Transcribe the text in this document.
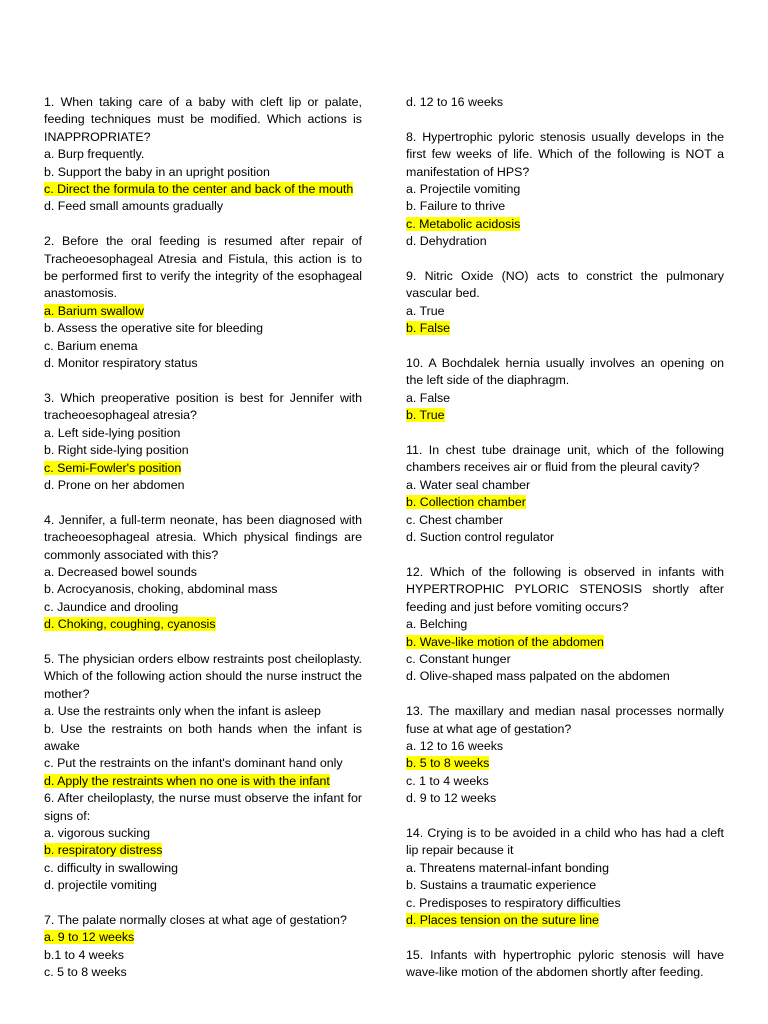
1. When taking care of a baby with cleft lip or palate, feeding techniques must be modified. Which actions is INAPPROPRIATE?
a. Burp frequently.
b. Support the baby in an upright position
c. Direct the formula to the center and back of the mouth
d. Feed small amounts gradually
2. Before the oral feeding is resumed after repair of Tracheoesophageal Atresia and Fistula, this action is to be performed first to verify the integrity of the esophageal anastomosis.
a. Barium swallow
b. Assess the operative site for bleeding
c. Barium enema
d. Monitor respiratory status
3. Which preoperative position is best for Jennifer with tracheoesophageal atresia?
a. Left side-lying position
b. Right side-lying position
c. Semi-Fowler's position
d. Prone on her abdomen
4. Jennifer, a full-term neonate, has been diagnosed with tracheoesophageal atresia. Which physical findings are commonly associated with this?
a. Decreased bowel sounds
b. Acrocyanosis, choking, abdominal mass
c. Jaundice and drooling
d. Choking, coughing, cyanosis
5. The physician orders elbow restraints post cheiloplasty. Which of the following action should the nurse instruct the mother?
a. Use the restraints only when the infant is asleep
b. Use the restraints on both hands when the infant is awake
c. Put the restraints on the infant's dominant hand only
d. Apply the restraints when no one is with the infant
6. After cheiloplasty, the nurse must observe the infant for signs of:
a. vigorous sucking
b. respiratory distress
c. difficulty in swallowing
d. projectile vomiting
7. The palate normally closes at what age of gestation?
a. 9 to 12 weeks
b.1 to 4 weeks
c. 5 to 8 weeks
d. 12 to 16 weeks
8. Hypertrophic pyloric stenosis usually develops in the first few weeks of life. Which of the following is NOT a manifestation of HPS?
a. Projectile vomiting
b. Failure to thrive
c. Metabolic acidosis
d. Dehydration
9. Nitric Oxide (NO) acts to constrict the pulmonary vascular bed.
a. True
b. False
10. A Bochdalek hernia usually involves an opening on the left side of the diaphragm.
a. False
b. True
11. In chest tube drainage unit, which of the following chambers receives air or fluid from the pleural cavity?
a. Water seal chamber
b. Collection chamber
c. Chest chamber
d. Suction control regulator
12. Which of the following is observed in infants with HYPERTROPHIC PYLORIC STENOSIS shortly after feeding and just before vomiting occurs?
a. Belching
b. Wave-like motion of the abdomen
c. Constant hunger
d. Olive-shaped mass palpated on the abdomen
13. The maxillary and median nasal processes normally fuse at what age of gestation?
a. 12 to 16 weeks
b. 5 to 8 weeks
c. 1 to 4 weeks
d. 9 to 12 weeks
14. Crying is to be avoided in a child who has had a cleft lip repair because it
a. Threatens maternal-infant bonding
b. Sustains a traumatic experience
c. Predisposes to respiratory difficulties
d. Places tension on the suture line
15. Infants with hypertrophic pyloric stenosis will have wave-like motion of the abdomen shortly after feeding.
